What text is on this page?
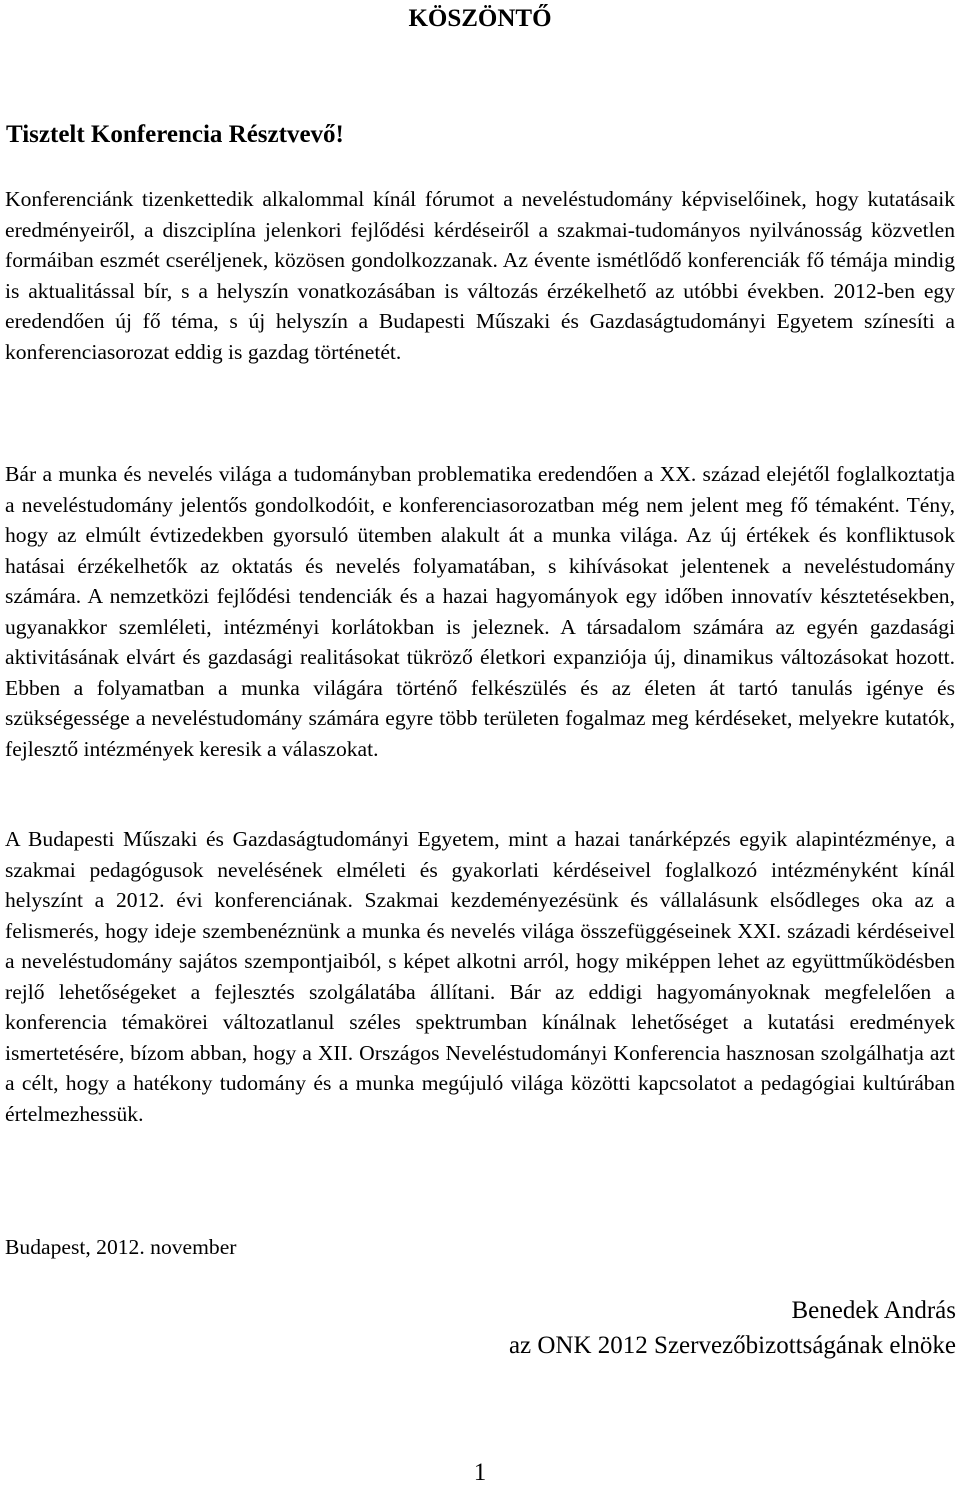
KÖSZÖNTŐ

Tisztelt Konferencia Résztvevő!

Konferenciánk tizenkettedik alkalommal kínál fórumot a neveléstudomány képviselőinek, hogy kutatásaik eredményeiről, a diszciplína jelenkori fejlődési kérdéseiről a szakmai-tudományos nyilvánosság közvetlen formáiban eszmét cseréljenek, közösen gondolkozzanak. Az évente ismétlődő konferenciák fő témája mindig is aktualitással bír, s a helyszín vonatkozásában is változás érzékelhető az utóbbi években. 2012-ben egy eredendően új fő téma, s új helyszín a Budapesti Műszaki és Gazdaságtudományi Egyetem színesíti a konferenciasorozat eddig is gazdag történetét.

Bár a munka és nevelés világa a tudományban problematika eredendően a XX. század elejétől foglalkoztatja a neveléstudomány jelentős gondolkodóit, e konferenciasorozatban még nem jelent meg fő témaként. Tény, hogy az elmúlt évtizedekben gyorsuló ütemben alakult át a munka világa. Az új értékek és konfliktusok hatásai érzékelhetők az oktatás és nevelés folyamatában, s kihívásokat jelentenek a neveléstudomány számára. A nemzetközi fejlődési tendenciák és a hazai hagyományok egy időben innovatív késztetésekben, ugyanakkor szemléleti, intézményi korlátokban is jeleznek. A társadalom számára az egyén gazdasági aktivitásának elvárt és gazdasági realitásokat tükröző életkori expanziója új, dinamikus változásokat hozott. Ebben a folyamatban a munka világára történő felkészülés és az életen át tartó tanulás igénye és szükségessége a neveléstudomány számára egyre több területen fogalmaz meg kérdéseket, melyekre kutatók, fejlesztő intézmények keresik a válaszokat.

A Budapesti Műszaki és Gazdaságtudományi Egyetem, mint a hazai tanárképzés egyik alapintézménye, a szakmai pedagógusok nevelésének elméleti és gyakorlati kérdéseivel foglalkozó intézményként kínál helyszínt a 2012. évi konferenciának. Szakmai kezdeményezésünk és vállalásunk elsődleges oka az a felismerés, hogy ideje szembenéznünk a munka és nevelés világa összefüggéseinek XXI. századi kérdéseivel a neveléstudomány sajátos szempontjaiból, s képet alkotni arról, hogy miképpen lehet az együttműködésben rejlő lehetőségeket a fejlesztés szolgálatába állítani. Bár az eddigi hagyományoknak megfelelően a konferencia témakörei változatlanul széles spektrumban kínálnak lehetőséget a kutatási eredmények ismertetésére, bízom abban, hogy a XII. Országos Neveléstudományi Konferencia hasznosan szolgálhatja azt a célt, hogy a hatékony tudomány és a munka megújuló világa közötti kapcsolatot a pedagógiai kultúrában értelmezhessük.

Budapest, 2012. november

Benedek András

az ONK 2012 Szervezőbizottságának elnöke

1
